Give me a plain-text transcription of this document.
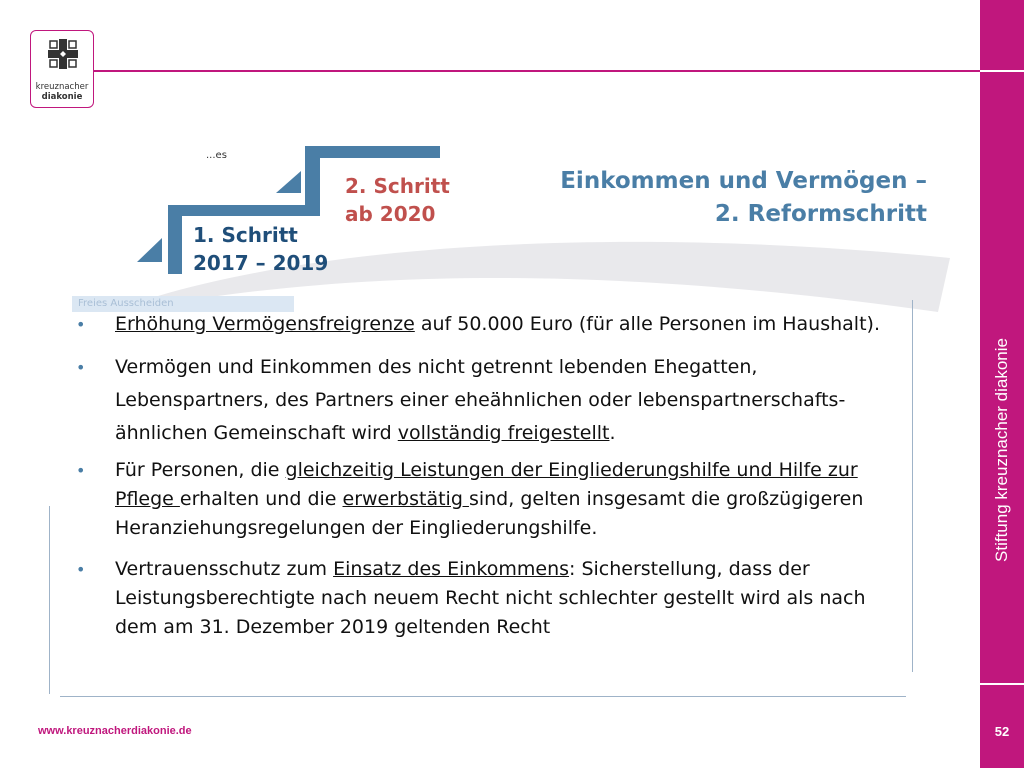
kreuznacher
diakonie
Stiftung kreuznacher diakonie
52
www.kreuznacherdiakonie.de
...es
2. Schritt
ab 2020
1. Schritt
2017 – 2019
Einkommen und Vermögen –
2. Reformschritt
Freies Ausscheiden
• Erhöhung Vermögensfreigrenze auf 50.000 Euro (für alle Personen im Haushalt).
• Vermögen und Einkommen des nicht getrennt lebenden Ehegatten, Lebenspartners, des Partners einer eheähnlichen oder lebenspartnerschafts-ähnlichen Gemeinschaft wird vollständig freigestellt.
• Für Personen, die gleichzeitig Leistungen der Eingliederungshilfe und Hilfe zur Pflege erhalten und die erwerbstätig sind, gelten insgesamt die großzügigeren Heranziehungsregelungen der Eingliederungshilfe.
• Vertrauensschutz zum Einsatz des Einkommens: Sicherstellung, dass der Leistungsberechtigte nach neuem Recht nicht schlechter gestellt wird als nach dem am 31. Dezember 2019 geltenden Recht
